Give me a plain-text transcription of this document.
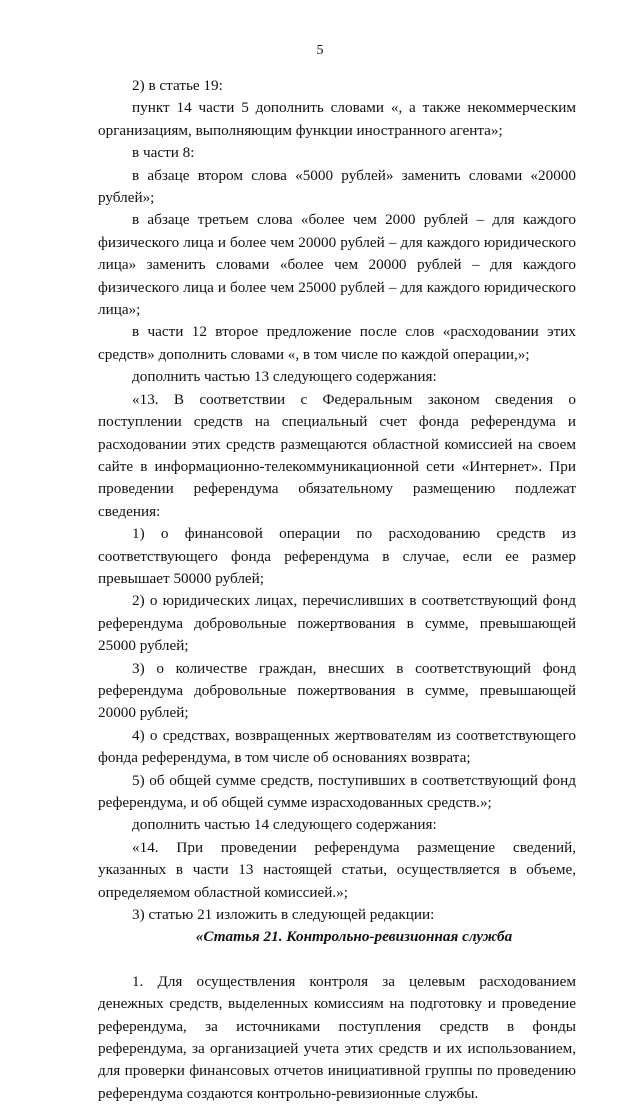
5

2) в статье 19:

пункт 14 части 5 дополнить словами «, а также некоммерческим организациям, выполняющим функции иностранного агента»;

в части 8:

в абзаце втором слова «5000 рублей» заменить словами «20000 рублей»;

в абзаце третьем слова «более чем 2000 рублей – для каждого физического лица и более чем 20000 рублей – для каждого юридического лица» заменить словами «более чем 20000 рублей – для каждого физического лица и более чем 25000 рублей – для каждого юридического лица»;

в части 12 второе предложение после слов «расходовании этих средств» дополнить словами «, в том числе по каждой операции,»;

дополнить частью 13 следующего содержания:

«13. В соответствии с Федеральным законом сведения о поступлении средств на специальный счет фонда референдума и расходовании этих средств размещаются областной комиссией на своем сайте в информационно-телекоммуникационной сети «Интернет». При проведении референдума обязательному размещению подлежат сведения:

1) о финансовой операции по расходованию средств из соответствующего фонда референдума в случае, если ее размер превышает 50000 рублей;

2) о юридических лицах, перечисливших в соответствующий фонд референдума добровольные пожертвования в сумме, превышающей 25000 рублей;

3) о количестве граждан, внесших в соответствующий фонд референдума добровольные пожертвования в сумме, превышающей 20000 рублей;

4) о средствах, возвращенных жертвователям из соответствующего фонда референдума, в том числе об основаниях возврата;

5) об общей сумме средств, поступивших в соответствующий фонд референдума, и об общей сумме израсходованных средств.»;

дополнить частью 14 следующего содержания:

«14. При проведении референдума размещение сведений, указанных в части 13 настоящей статьи, осуществляется в объеме, определяемом областной комиссией.»;

3) статью 21 изложить в следующей редакции:

«Статья 21. Контрольно-ревизионная служба

1. Для осуществления контроля за целевым расходованием денежных средств, выделенных комиссиям на подготовку и проведение референдума, за источниками поступления средств в фонды референдума, за организацией учета этих средств и их использованием, для проверки финансовых отчетов инициативной группы по проведению референдума создаются контрольно-ревизионные службы.
